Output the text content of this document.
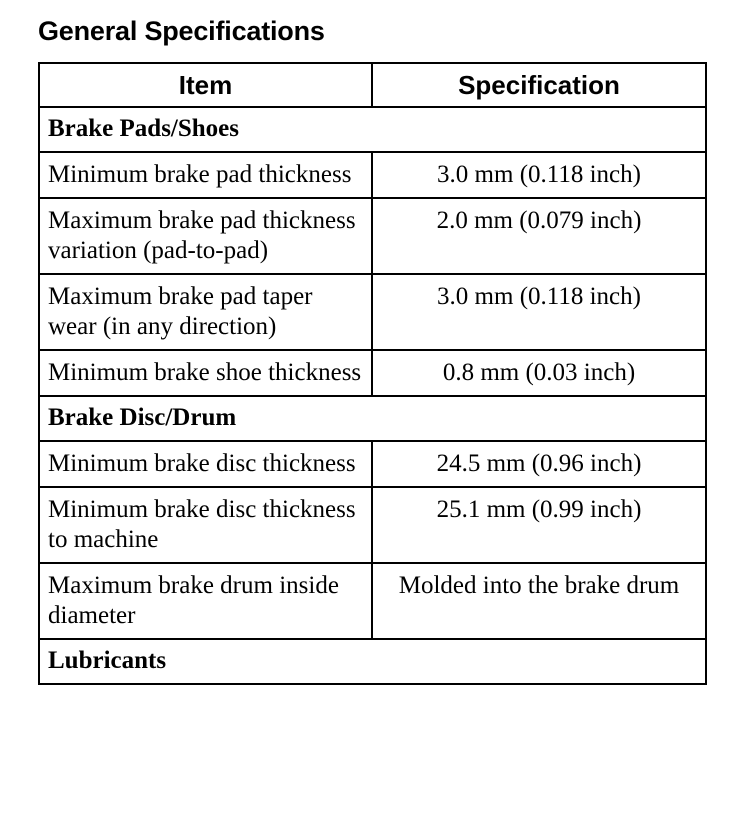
General Specifications
Item	Specification
Brake Pads/Shoes	
Minimum brake pad thickness	3.0 mm (0.118 inch)
Maximum brake pad thickness variation (pad-to-pad)	2.0 mm (0.079 inch)
Maximum brake pad taper wear (in any direction)	3.0 mm (0.118 inch)
Minimum brake shoe thickness	0.8 mm (0.03 inch)
Brake Disc/Drum	
Minimum brake disc thickness	24.5 mm (0.96 inch)
Minimum brake disc thickness to machine	25.1 mm (0.99 inch)
Maximum brake drum inside diameter	Molded into the brake drum
Lubricants	
